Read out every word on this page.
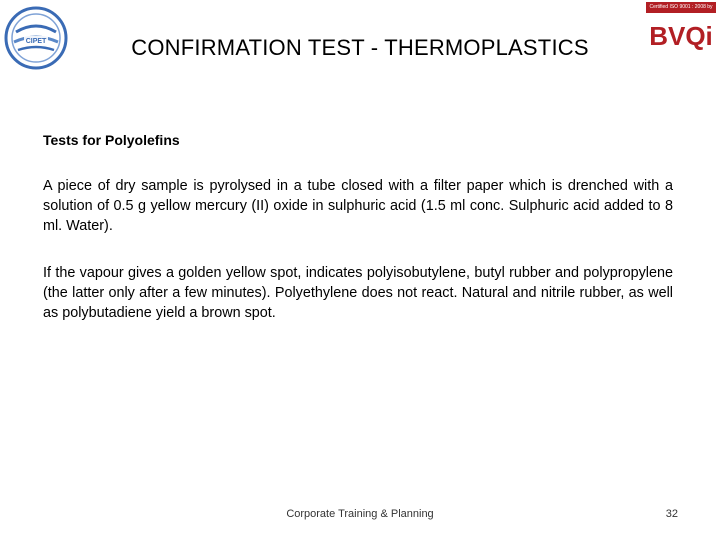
CIPET
Certified ISO 9001 : 2008 by
BVQi
CONFIRMATION TEST - THERMOPLASTICS
Tests for Polyolefins

A piece of dry sample is pyrolysed in a tube closed with a filter paper which is drenched with a solution of 0.5 g yellow mercury (II) oxide in sulphuric acid (1.5 ml conc. Sulphuric acid added to 8 ml. Water).

If the vapour gives a golden yellow spot, indicates polyisobutylene, butyl rubber and polypropylene (the latter only after a few minutes). Polyethylene does not react. Natural and nitrile rubber, as well as polybutadiene yield a brown spot.

Corporate Training & Planning	32
